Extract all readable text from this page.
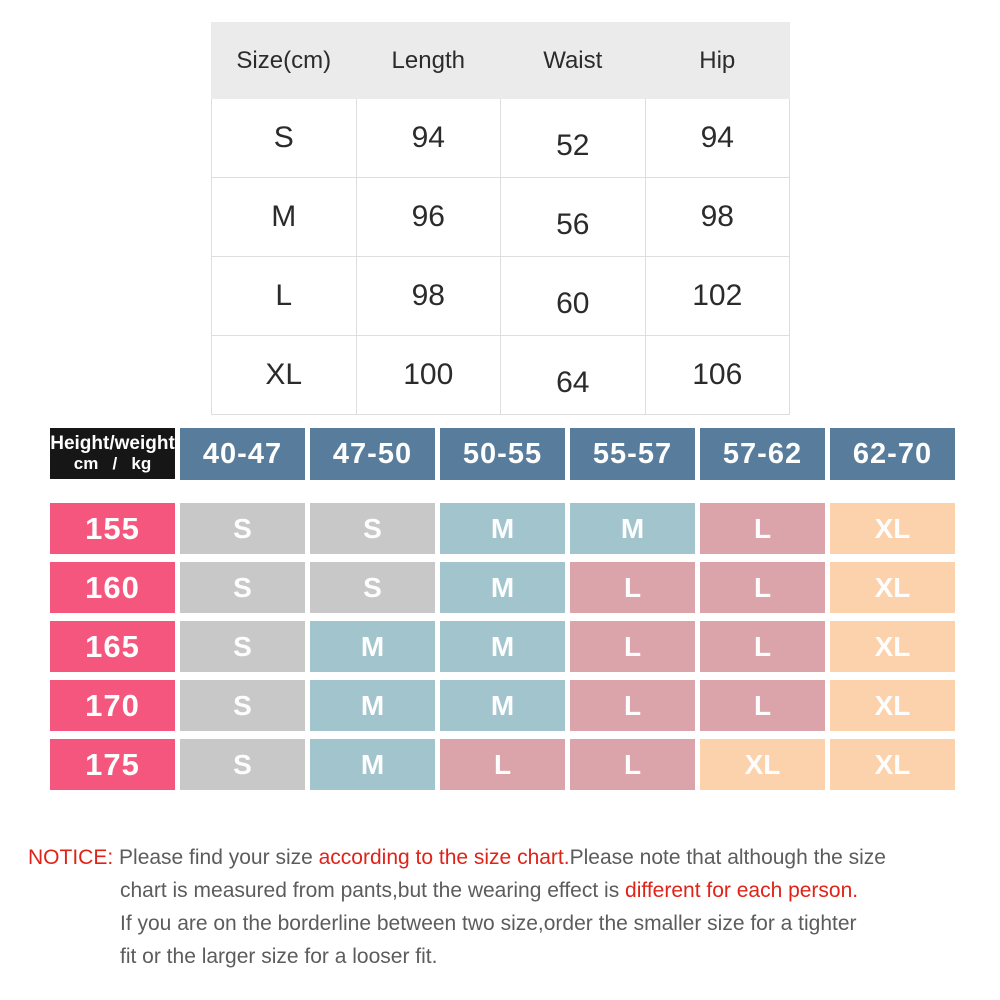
Size(cm)	Length	Waist	Hip
S	94	52	94
M	96	56	98
L	98	60	102
XL	100	64	106
Height/weight
cm   /   kg	40-47	47-50	50-55	55-57	57-62	62-70
155	S	S	M	M	L	XL
160	S	S	M	L	L	XL
165	S	M	M	L	L	XL
170	S	M	M	L	L	XL
175	S	M	L	L	XL	XL
NOTICE: Please find your size according to the size chart.Please note that although the size
chart is measured from pants,but the wearing effect is different for each person.
If you are on the borderline between two size,order the smaller size for a tighter
fit or the larger size for a looser fit.
